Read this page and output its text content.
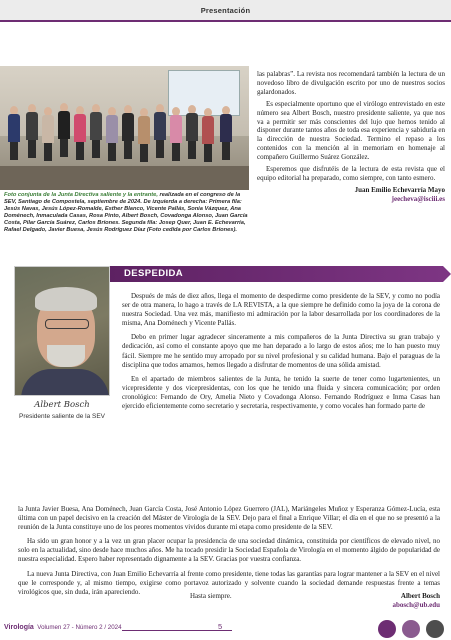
Presentación
Foto conjunta de la Junta Directiva saliente y la entrante, realizada en el congreso de la SEV, Santiago de Compostela, septiembre de 2024. De izquierda a derecha: Primera fila: Jesús Navas, Jesús López-Romalde, Esther Blanco, Vicente Pallás, Sonia Vázquez, Ana Doménech, Inmaculada Casas, Rosa Pinto, Albert Bosch, Covadonga Alonso, Juan García Costa, Pilar García Suárez, Carlos Briones. Segunda fila: Josep Quer, Juan E. Echevarría, Rafael Delgado, Javier Buesa, Jesús Rodríguez Díaz (Foto cedida por Carlos Briones).

las palabras”. La revista nos recomendará también la lectura de un novedoso libro de divulgación escrito por uno de nuestros socios galardonados.

Es especialmente oportuno que el virólogo entrevistado en este número sea Albert Bosch, nuestro presidente saliente, ya que nos va a permitir ser más conscientes del lujo que hemos tenido al disponer durante tantos años de toda esa experiencia y sabiduría en la dirección de nuestra Sociedad. Termino el repaso a los contenidos con la mención al in memoriam en homenaje al compañero Guillermo Suárez González.

Esperemos que disfrutéis de la lectura de esta revista que el equipo editorial ha preparado, como siempre, con tanto esmero.

Juan Emilio Echevarría Mayo
jeecheva@isciii.es
DESPEDIDA
Albert Bosch
Presidente saliente de la SEV

Después de más de diez años, llega el momento de despedirme como presidente de la SEV, y como no podía ser de otra manera, lo hago a través de LA REVISTA, a la que siempre he definido como la joya de la corona de nuestra Sociedad. Una vez más, manifiesto mi admiración por la labor desarrollada por los coordinadores de la misma, Ana Doménech y Vicente Pallás.

Debo en primer lugar agradecer sinceramente a mis compañeros de la Junta Directiva su gran trabajo y dedicación, así como el constante apoyo que me han deparado a lo largo de estos años; me lo han puesto muy fácil. Siempre me he sentido muy arropado por su nivel profesional y su calidad humana. Bajo el paraguas de la disciplina que todos amamos, hemos llegado a disfrutar de momentos de una sólida amistad.

En el apartado de miembros salientes de la Junta, he tenido la suerte de tener como lugartenientes, un vicepresidente y dos vicepresidentas, con los que he tenido una fluida y sincera comunicación; por orden cronológico: Fernando de Ory, Amelia Nieto y Covadonga Alonso. Fernando Rodríguez e Inma Casas han ejercido eficientemente como secretario y secretaria, respectivamente, y como vocales han formado parte de

la Junta Javier Buesa, Ana Doménech, Juan García Costa, José Antonio López Guerrero (JAL), Mariángeles Muñoz y Esperanza Gómez-Lucía, esta última con un papel decisivo en la creación del Máster de Virología de la SEV. Dejo para el final a Enrique Villar; el día en el que no se presentó a la reunión de la Junta constituye uno de los peores momentos vividos durante mi etapa como presidente de la SEV.

Ha sido un gran honor y a la vez un gran placer ocupar la presidencia de una sociedad dinámica, constituida por científicos de elevado nivel, no solo en la actualidad, sino desde hace muchos años. Me ha tocado presidir la Sociedad Española de Virología en el momento álgido de popularidad de nuestra especialidad. Espero haber representado dignamente a la SEV. Gracias por vuestra confianza.

La nueva Junta Directiva, con Juan Emilio Echevarría al frente como presidente, tiene todas las garantías para lograr mantener a la SEV en el nivel que le corresponde y, al mismo tiempo, exigirse como portavoz autorizado y solvente cuando la sociedad demande respuestas frente a temas virológicos que, sin duda, irán apareciendo.

Hasta siempre.	Albert Bosch
abosch@ub.edu
Virología Volumen 27 - Número 2 / 2024	5
